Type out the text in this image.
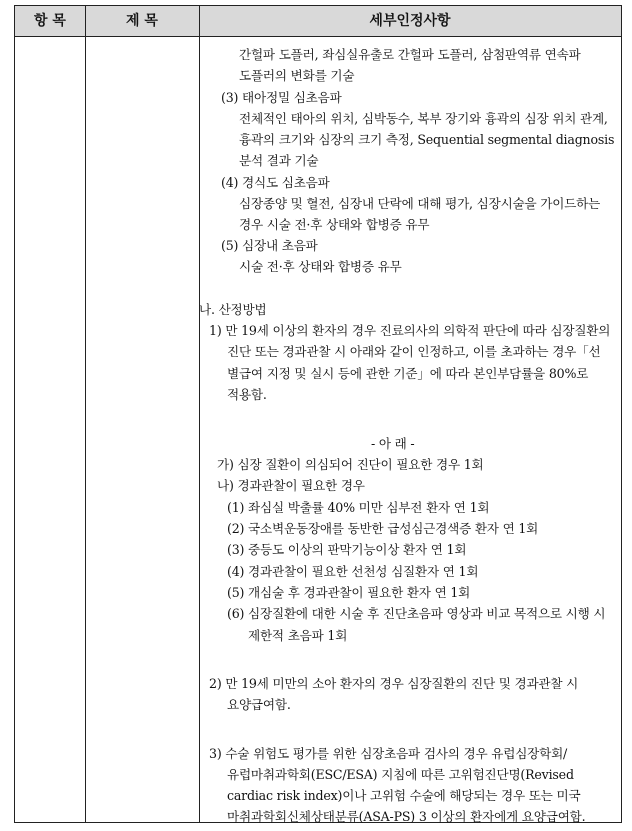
항 목	제 목	세부인정사항
간헐파 도플러, 좌심실유출로 간헐파 도플러, 삼첨판역류 연속파
도플러의 변화를 기술
(3) 태아정밀 심초음파
전체적인 태아의 위치, 심박동수, 복부 장기와 흉곽의 심장 위치 관계,
흉곽의 크기와 심장의 크기 측정, Sequential segmental diagnosis
분석 결과 기술
(4) 경식도 심초음파
심장종양 및 혈전, 심장내 단락에 대해 평가, 심장시술을 가이드하는
경우 시술 전·후 상태와 합병증 유무
(5) 심장내 초음파
시술 전·후 상태와 합병증 유무
나. 산정방법
1) 만 19세 이상의 환자의 경우 진료의사의 의학적 판단에 따라 심장질환의
진단 또는 경과관찰 시 아래와 같이 인정하고, 이를 초과하는 경우「선
별급여 지정 및 실시 등에 관한 기준」에 따라 본인부담률을 80%로
적용함.
- 아 래 -
가) 심장 질환이 의심되어 진단이 필요한 경우 1회
나) 경과관찰이 필요한 경우
(1) 좌심실 박출률 40% 미만 심부전 환자 연 1회
(2) 국소벽운동장애를 동반한 급성심근경색증 환자 연 1회
(3) 중등도 이상의 판막기능이상 환자 연 1회
(4) 경과관찰이 필요한 선천성 심질환자 연 1회
(5) 개심술 후 경과관찰이 필요한 환자 연 1회
(6) 심장질환에 대한 시술 후 진단초음파 영상과 비교 목적으로 시행 시
제한적 초음파 1회
2) 만 19세 미만의 소아 환자의 경우 심장질환의 진단 및 경과관찰 시
요양급여함.
3) 수술 위험도 평가를 위한 심장초음파 검사의 경우 유럽심장학회/
유럽마취과학회(ESC/ESA) 지침에 따른 고위험진단명(Revised
cardiac risk index)이나 고위험 수술에 해당되는 경우 또는 미국
마취과학회신체상태분류(ASA-PS) 3 이상의 환자에게 요양급여함.
